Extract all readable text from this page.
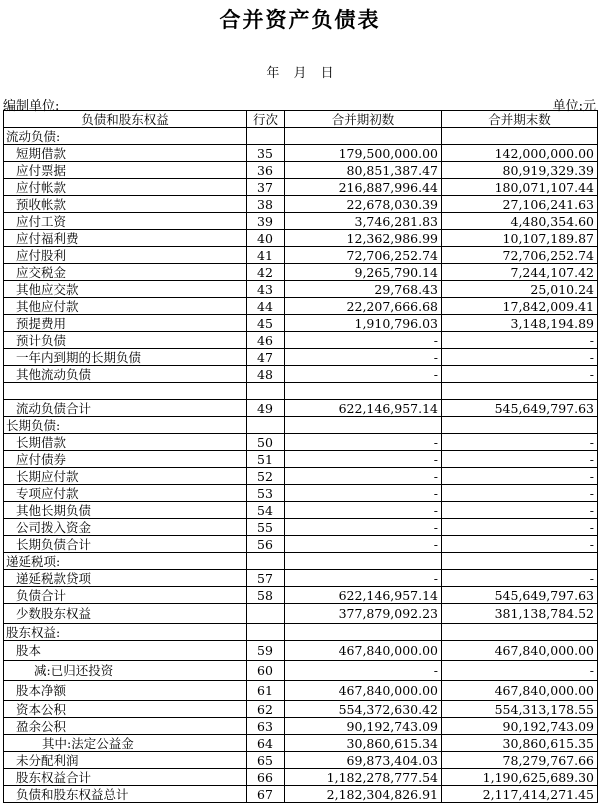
合并资产负债表
年 月 日
编制单位:	单位:元
负债和股东权益	行次	合并期初数	合并期末数
流动负债:			
短期借款	35	179,500,000.00	142,000,000.00
应付票据	36	80,851,387.47	80,919,329.39
应付帐款	37	216,887,996.44	180,071,107.44
预收帐款	38	22,678,030.39	27,106,241.63
应付工资	39	3,746,281.83	4,480,354.60
应付福利费	40	12,362,986.99	10,107,189.87
应付股利	41	72,706,252.74	72,706,252.74
应交税金	42	9,265,790.14	7,244,107.42
其他应交款	43	29,768.43	25,010.24
其他应付款	44	22,207,666.68	17,842,009.41
预提费用	45	1,910,796.03	3,148,194.89
预计负债	46	-	-
一年内到期的长期负债	47	-	-
其他流动负债	48	-	-

流动负债合计	49	622,146,957.14	545,649,797.63
长期负债:			
长期借款	50	-	-
应付债券	51	-	-
长期应付款	52	-	-
专项应付款	53	-	-
其他长期负债	54	-	-
公司拨入资金	55	-	-
长期负债合计	56	-	-
递延税项:			
递延税款贷项	57	-	-
负债合计	58	622,146,957.14	545,649,797.63
少数股东权益		377,879,092.23	381,138,784.52
股东权益:			
股本	59	467,840,000.00	467,840,000.00
减:已归还投资	60	-	-
股本净额	61	467,840,000.00	467,840,000.00
资本公积	62	554,372,630.42	554,313,178.55
盈余公积	63	90,192,743.09	90,192,743.09
其中:法定公益金	64	30,860,615.34	30,860,615.35
未分配利润	65	69,873,404.03	78,279,767.66
股东权益合计	66	1,182,278,777.54	1,190,625,689.30
负债和股东权益总计	67	2,182,304,826.91	2,117,414,271.45
